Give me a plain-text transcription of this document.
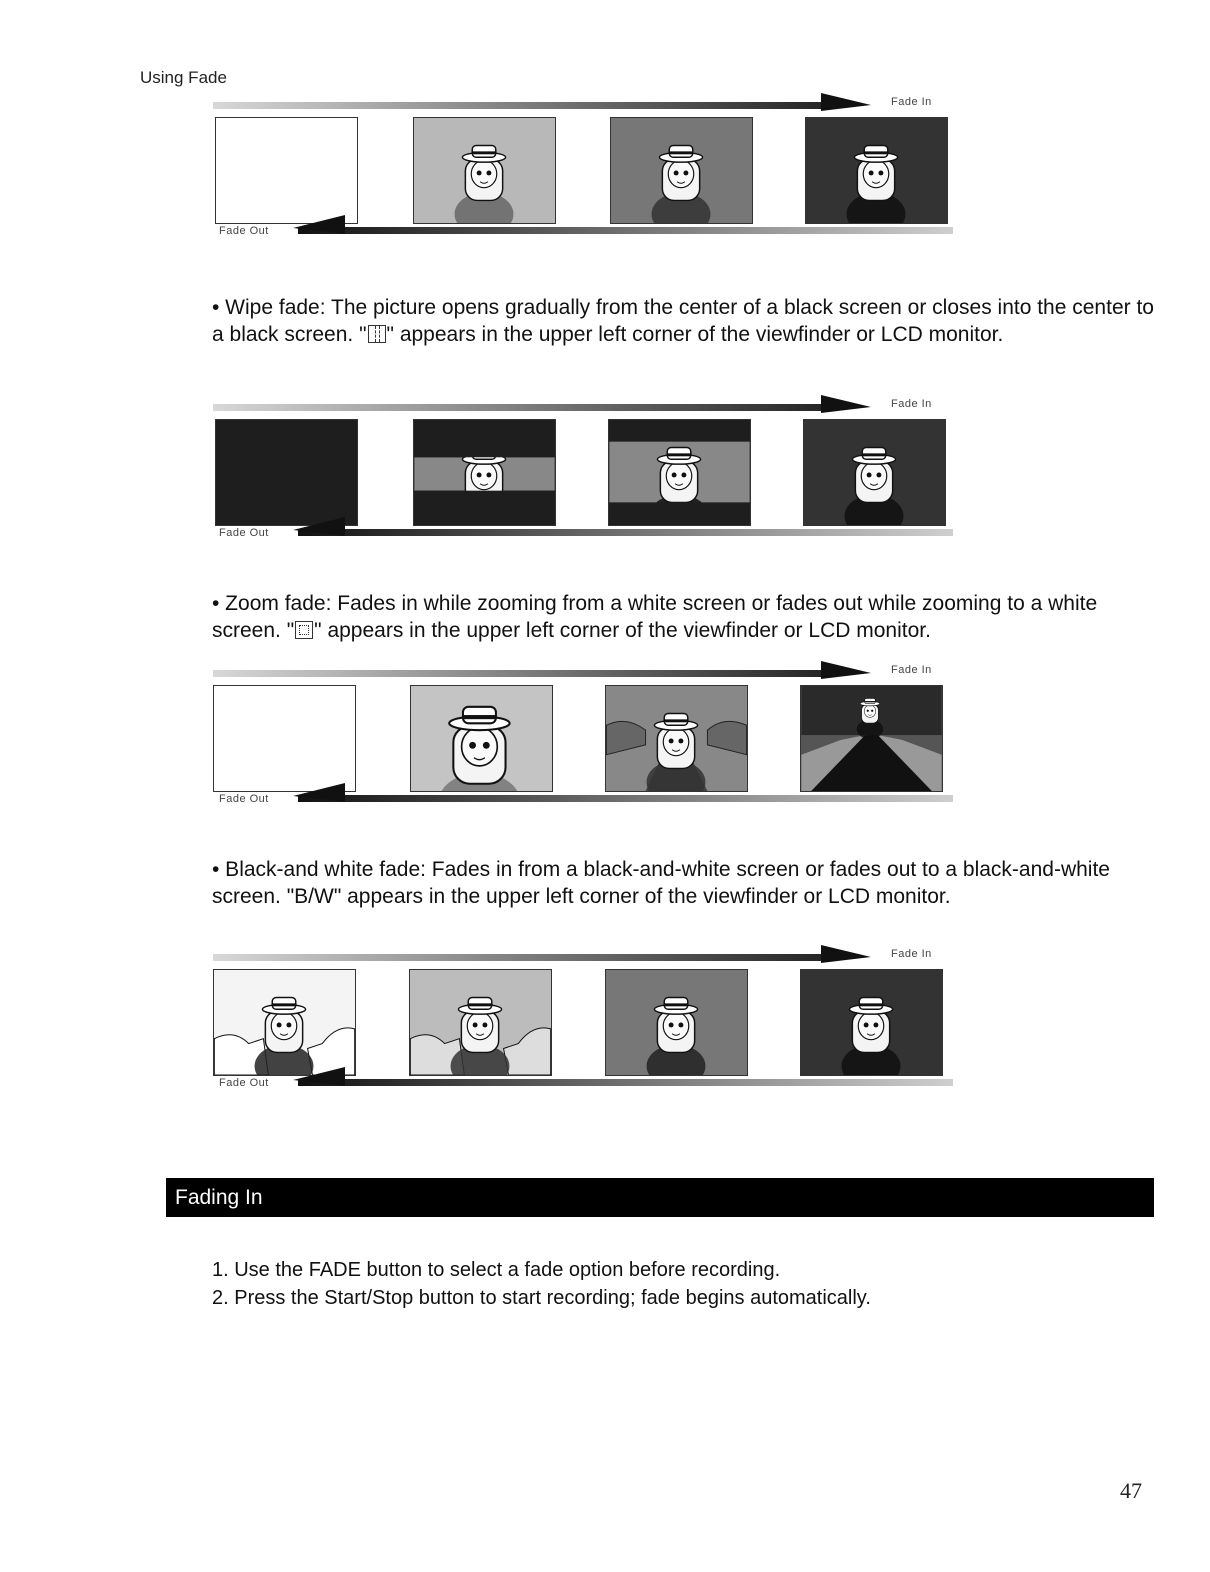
Using Fade
Fade In
Fade Out
• Wipe fade: The picture opens gradually from the center of a black screen or closes into the center to a black screen. " " appears in the upper left corner of the viewfinder or LCD monitor.
Fade In
Fade Out
• Zoom fade: Fades in while zooming from a white screen or fades out while zooming to a white screen. " " appears in the upper left corner of the viewfinder or LCD monitor.
Fade In
Fade Out
• Black-and white fade: Fades in from a black-and-white screen or fades out to a black-and-white screen. "B/W" appears in the upper left corner of the viewfinder or LCD monitor.
Fade In
Fade Out
Fading In
1. Use the FADE button to select a fade option before recording.
2. Press the Start/Stop button to start recording; fade begins automatically.
47
